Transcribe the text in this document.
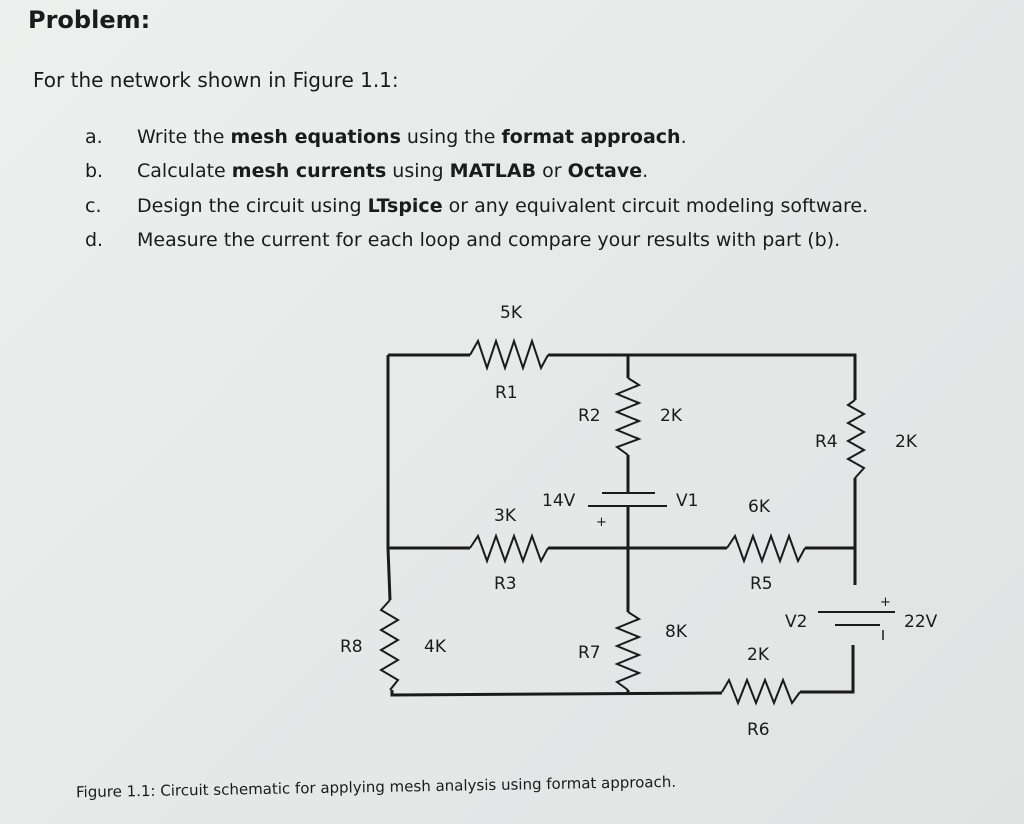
Problem:
For the network shown in Figure 1.1:
a. Write the mesh equations using the format approach.
b. Calculate mesh currents using MATLAB or Octave.
c. Design the circuit using LTspice or any equivalent circuit modeling software.
d. Measure the current for each loop and compare your results with part (b).
5K
R1
R2	2K
R4	2K
14V	V1
+
3K
R3
6K
R5
V2
+
22V
8K
R7	2K
R6
R8	4K
Figure 1.1: Circuit schematic for applying mesh analysis using format approach.
